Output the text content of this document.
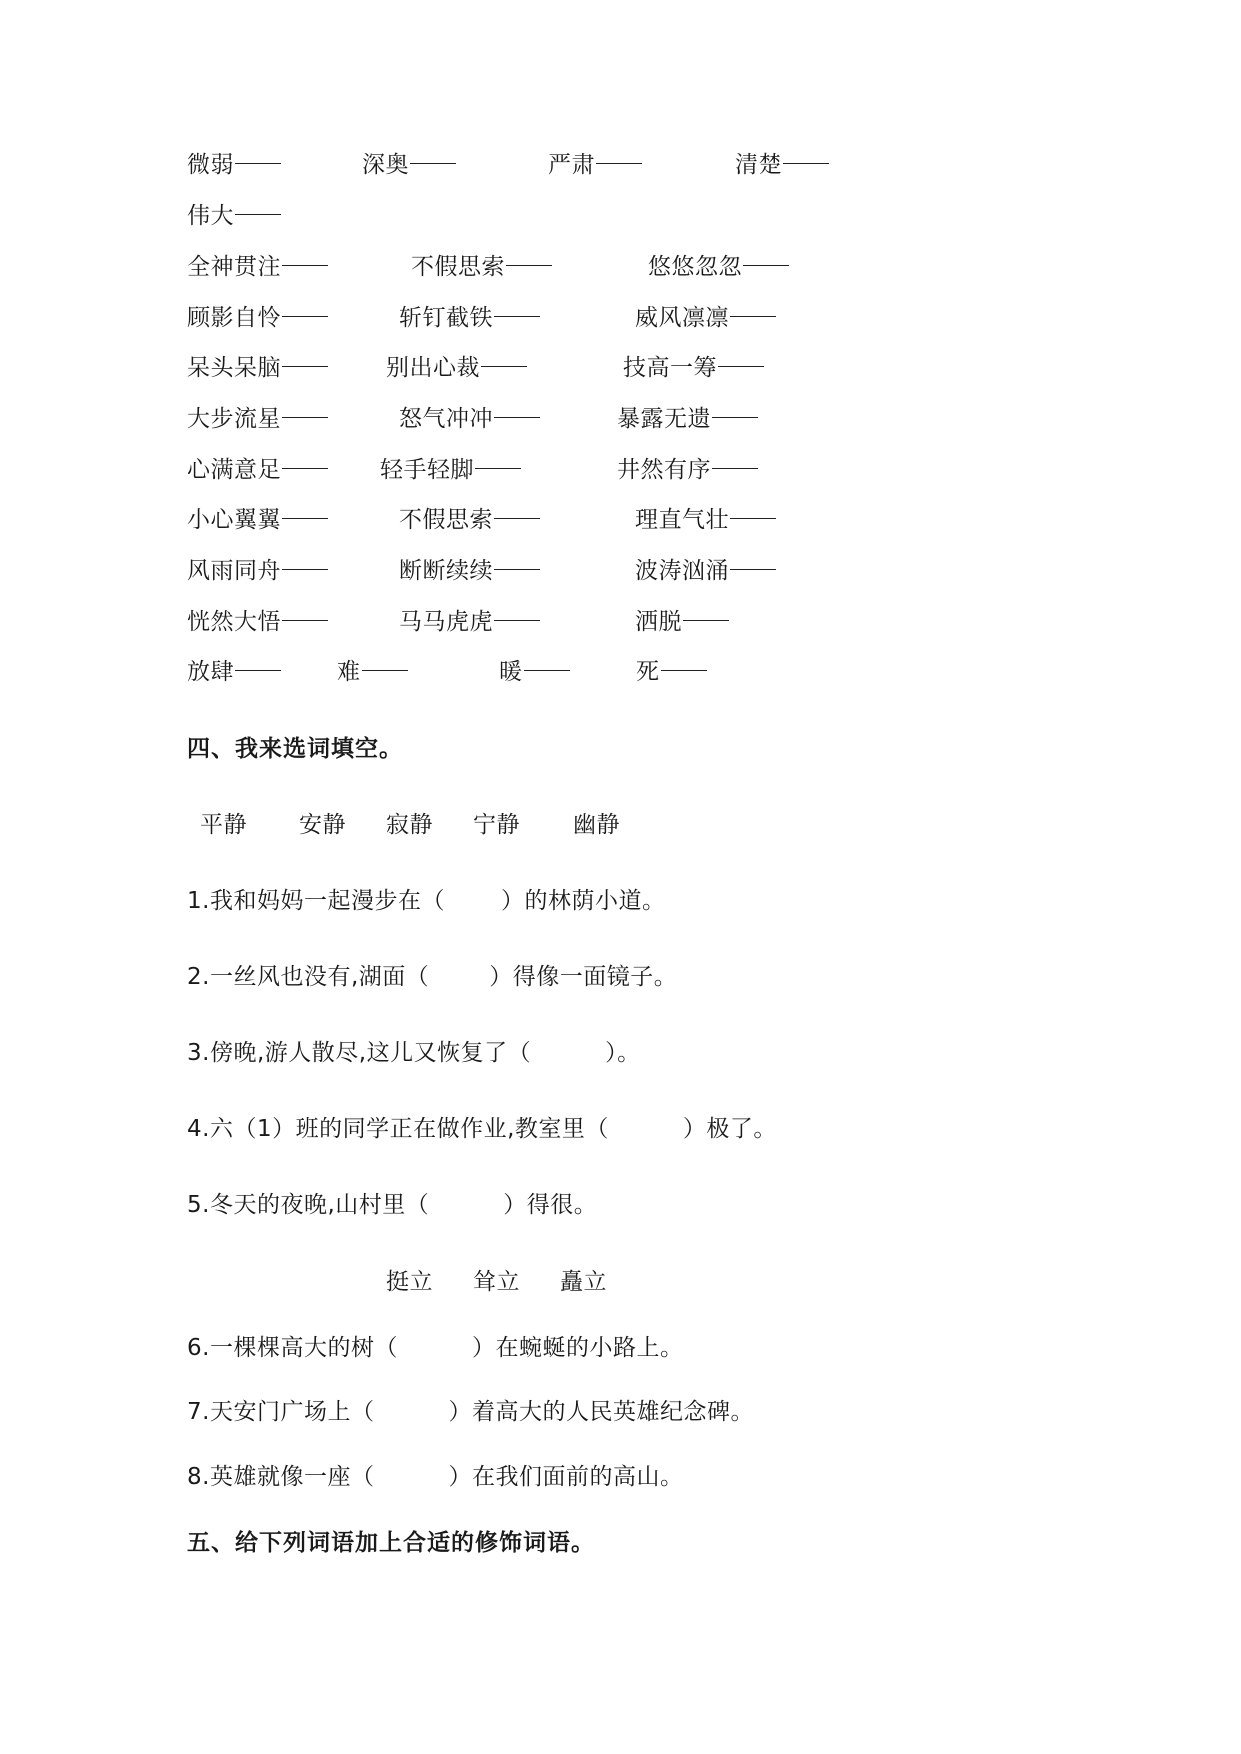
微弱	深奥	严肃	清楚
伟大
全神贯注	不假思索	悠悠忽忽
顾影自怜	斩钉截铁	威风凛凛
呆头呆脑	别出心裁	技高一筹
大步流星	怒气冲冲	暴露无遗
心满意足	轻手轻脚	井然有序
小心翼翼	不假思索	理直气壮
风雨同舟	断断续续	波涛汹涌
恍然大悟	马马虎虎	洒脱
放肆	难	暖	死
四、我来选词填空。
平静 安静 寂静 宁静 幽静
1.我和妈妈一起漫步在（ ）的林荫小道。
2.一丝风也没有,湖面（	）得像一面镜子。
3.傍晚,游人散尽,这儿又恢复了（	）。
4.六（1）班的同学正在做作业,教室里（	）极了。
5.冬天的夜晚,山村里（	）得很。
挺立 耸立 矗立
6.一棵棵高大的树（	）在蜿蜒的小路上。
7.天安门广场上（	）着高大的人民英雄纪念碑。
8.英雄就像一座（	）在我们面前的高山。
五、给下列词语加上合适的修饰词语。
